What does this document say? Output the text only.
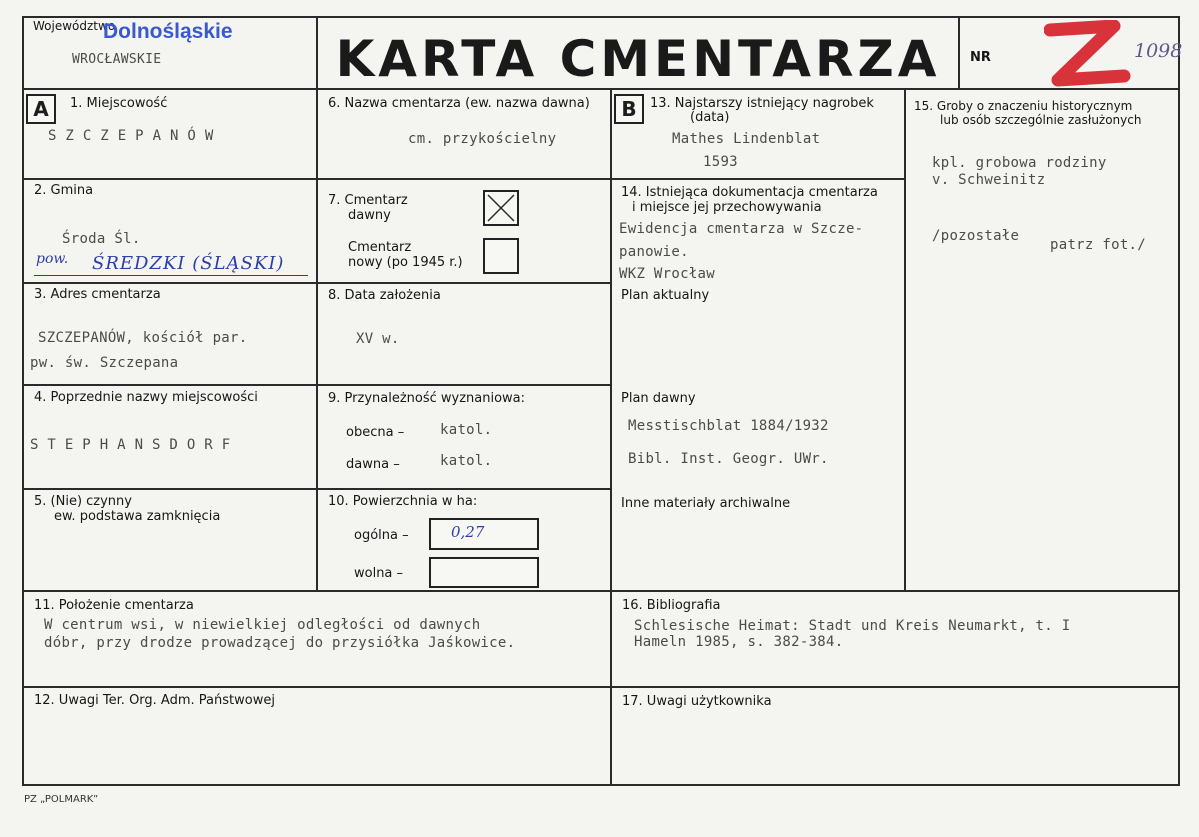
Województwo
Dolnośląskie
WROCŁAWSKIE	KARTA CMENTARZA	NR	1098
A	B
1. Miejscowość
SZCZEPANÓW
2. Gmina
Środa Śl.
pow. ŚREDZKI (ŚLĄSKI)
3. Adres cmentarza
SZCZEPANÓW, kościół par.
pw. św. Szczepana
4. Poprzednie nazwy miejscowości
STEPHANSDORF
5. (Nie) czynny
ew. podstawa zamknięcia
6. Nazwa cmentarza (ew. nazwa dawna)
cm. przykościelny
7. Cmentarz
dawny
Cmentarz
nowy (po 1945 r.)
8. Data założenia
XV w.
9. Przynależność wyznaniowa:
obecna –	katol.
dawna –	katol.
10. Powierzchnia w ha:
ogólna –	0,27
wolna –
11. Położenie cmentarza
W centrum wsi, w niewielkiej odległości od dawnych
dóbr, przy drodze prowadzącej do przysiółka Jaśkowice.
12. Uwagi Ter. Org. Adm. Państwowej
13. Najstarszy istniejący nagrobek
(data)
Mathes Lindenblat
1593
14. Istniejąca dokumentacja cmentarza
i miejsce jej przechowywania
Ewidencja cmentarza w Szcze-
panowie.
WKZ Wrocław
Plan aktualny
Plan dawny
Messtischblat 1884/1932
Bibl. Inst. Geogr. UWr.
Inne materiały archiwalne
15. Groby o znaczeniu historycznym
lub osób szczególnie zasłużonych
kpl. grobowa rodziny
v. Schweinitz
/pozostałe
patrz fot./
16. Bibliografia
Schlesische Heimat: Stadt und Kreis Neumarkt, t. I
Hameln 1985, s. 382-384.
17. Uwagi użytkownika
PZ „POLMARK”
